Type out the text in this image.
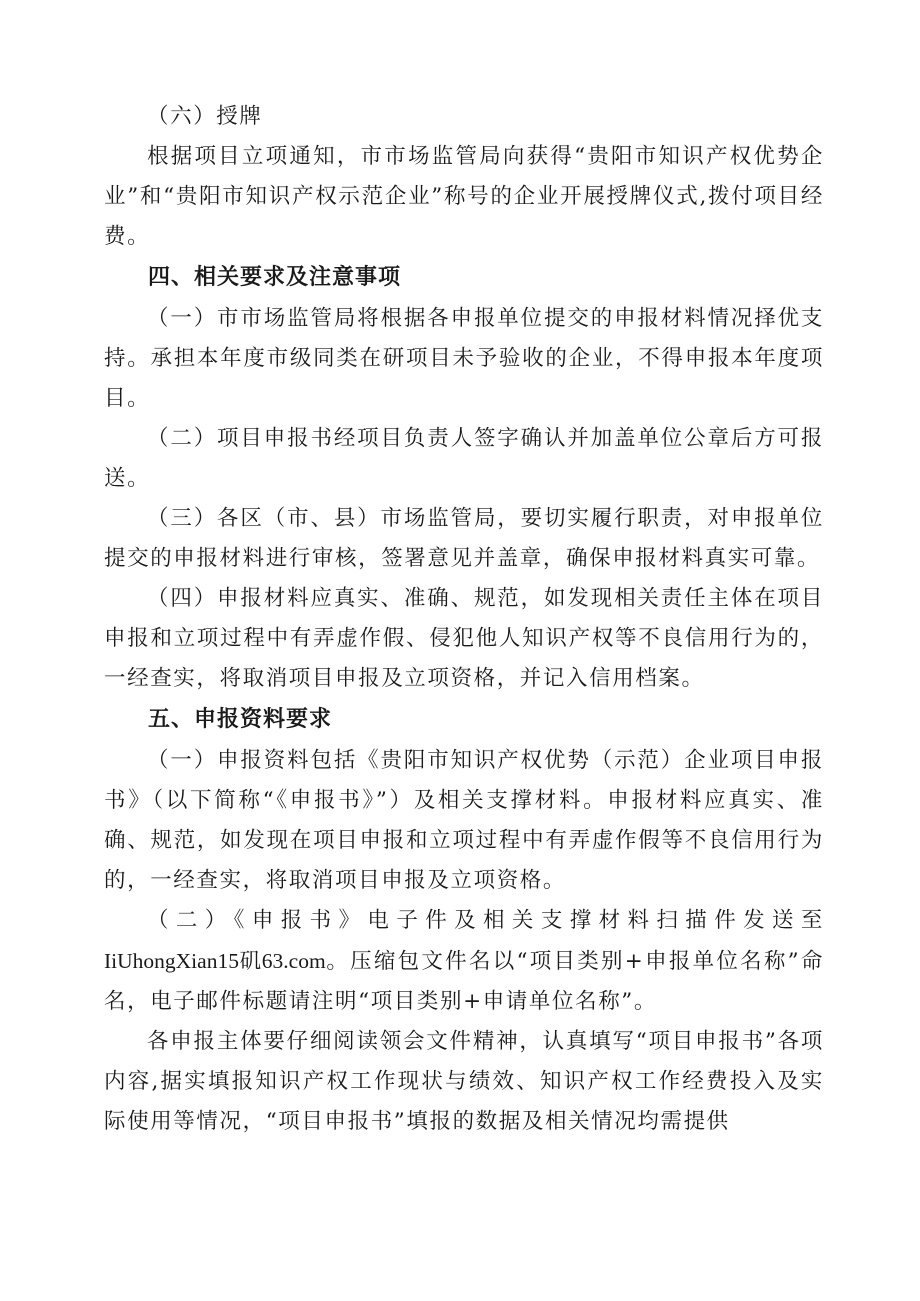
（六）授牌

根据项目立项通知，市市场监管局向获得“贵阳市知识产权优势企业”和“贵阳市知识产权示范企业”称号的企业开展授牌仪式,拨付项目经费。

四、相关要求及注意事项

（一）市市场监管局将根据各申报单位提交的申报材料情况择优支持。承担本年度市级同类在研项目未予验收的企业，不得申报本年度项目。

（二）项目申报书经项目负责人签字确认并加盖单位公章后方可报送。

（三）各区（市、县）市场监管局，要切实履行职责，对申报单位提交的申报材料进行审核，签署意见并盖章，确保申报材料真实可靠。

（四）申报材料应真实、准确、规范，如发现相关责任主体在项目申报和立项过程中有弄虚作假、侵犯他人知识产权等不良信用行为的，一经查实，将取消项目申报及立项资格，并记入信用档案。

五、申报资料要求

（一）申报资料包括《贵阳市知识产权优势（示范）企业项目申报书》（以下简称“《申报书》”）及相关支撑材料。申报材料应真实、准确、规范，如发现在项目申报和立项过程中有弄虚作假等不良信用行为的，一经查实，将取消项目申报及立项资格。

（二）《申报书》电子件及相关支撑材料扫描件发送至IiUhongXian15矶63.com。压缩包文件名以“项目类别+申报单位名称”命名，电子邮件标题请注明“项目类别+申请单位名称”。

各申报主体要仔细阅读领会文件精神，认真填写“项目申报书”各项内容,据实填报知识产权工作现状与绩效、知识产权工作经费投入及实际使用等情况，“项目申报书”填报的数据及相关情况均需提供
